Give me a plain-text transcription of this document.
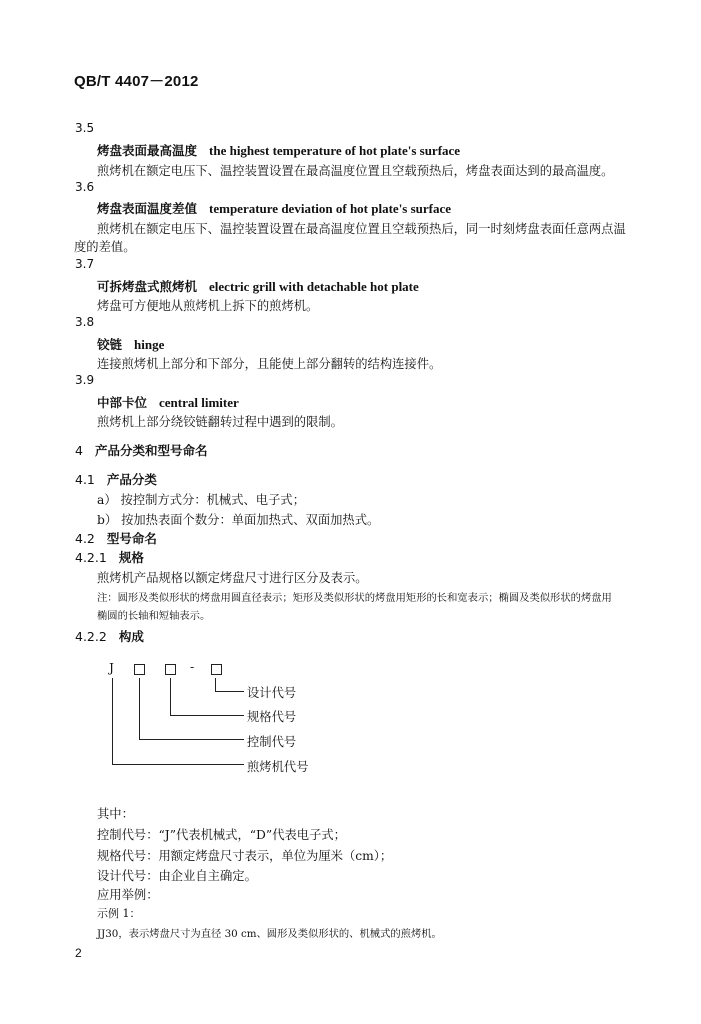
QB/T 4407－2012
3.5
烤盘表面最高温度 the highest temperature of hot plate's surface
煎烤机在额定电压下、温控装置设置在最高温度位置且空载预热后，烤盘表面达到的最高温度。
3.6
烤盘表面温度差值 temperature deviation of hot plate's surface
煎烤机在额定电压下、温控装置设置在最高温度位置且空载预热后，同一时刻烤盘表面任意两点温
度的差值。
3.7
可拆烤盘式煎烤机 electric grill with detachable hot plate
烤盘可方便地从煎烤机上拆下的煎烤机。
3.8
铰链 hinge
连接煎烤机上部分和下部分，且能使上部分翻转的结构连接件。
3.9
中部卡位 central limiter
煎烤机上部分绕铰链翻转过程中遇到的限制。
4 产品分类和型号命名
4.1 产品分类
a） 按控制方式分：机械式、电子式；
b） 按加热表面个数分：单面加热式、双面加热式。
4.2 型号命名
4.2.1 规格
煎烤机产品规格以额定烤盘尺寸进行区分及表示。
注：圆形及类似形状的烤盘用圆直径表示；矩形及类似形状的烤盘用矩形的长和宽表示；椭圆及类似形状的烤盘用
椭圆的长轴和短轴表示。
4.2.2 构成
J	-
设计代号
规格代号
控制代号
煎烤机代号
其中：
控制代号：“J”代表机械式，“D”代表电子式；
规格代号：用额定烤盘尺寸表示，单位为厘米（cm）；
设计代号：由企业自主确定。
应用举例：
示例 1：
JJ30，表示烤盘尺寸为直径 30 cm、圆形及类似形状的、机械式的煎烤机。
2
